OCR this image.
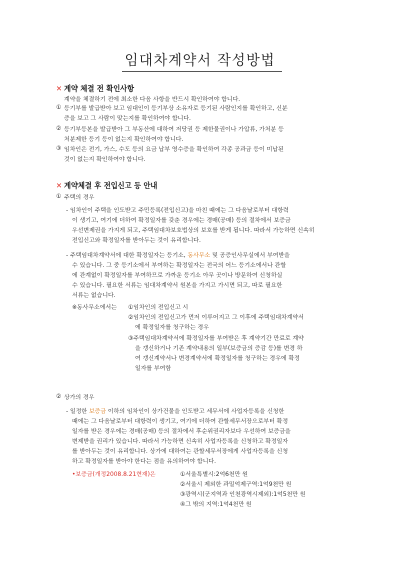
임대차계약서 작성방법
✕ 계약 체결 전 확인사항
계약을 체결하기 전에 최소한 다음 사항을 반드시 확인하여야 합니다.
① 등기부를 발급받아 보고 임대인이 등기부상 소유자로 등기된 사람인지를 확인하고, 신분
증을 보고 그 사람이 맞는지를 확인하여야 합니다.
② 등기부등본을 발급받아 그 부동산에 대하여 저당권 등 제한물권이나 가압류, 가처분 등
처분제한 등기 등이 없는지 확인하여야 합니다.
③ 임차인은 전기, 가스, 수도 등의 요금 납부 영수증을 확인하여 각종 공과금 등이 미납된
것이 없는지 확인하여야 합니다.
✕ 계약체결 후 전입신고 등 안내
① 주택의 경우
- 임차인이 주택을 인도받고 주민등록(전입신고)을 마친 때에는 그 다음날로부터 대항력
이 생기고, 여기에 더하여 확정일자를 갖춘 경우에는 경매(공매) 등의 절차에서 보증금
우선변제권을 가지게 되고, 주택임대차보호법상의 보호를 받게 됩니다. 따라서 가능하면 신속히
전입신고와 확정일자를 받아두는 것이 유리합니다.
- 주택임대차계약서에 대한 확정일자는 등기소, 동사무소 및 공증인사무실에서 부여받을
수 있습니다. 그 중 등기소에서 부여하는 확정일자는 전국의 어느 등기소에서나 관할
에 관계없이 확정일자를 부여하므로 가까운 등기소 아무 곳이나 방문하여 신청하실
수 있습니다. 필요한 서류는 임대차계약서 원본을 가지고 가시면 되고, 따로 필요한
서류는 없습니다.
※동사무소에서는 ①임차인의 전입신고 시
②임차인의 전입신고가 먼저 이루어지고 그 이후에 주택임대차계약서
에 확정일자를 청구하는 경우
③주택임대차계약서에 확정일자를 부여받은 후 계약기간 만료로 계약
을 갱신하거나 기존 계약내용의 일부(보증금의 증감 등)를 변경 하
여 갱신계약서나 변경계약서에 확정일자를 청구하는 경우에 확정
일자를 부여함
② 상가의 경우
- 일정한 보증금 이하의 임차인이 상가건물을 인도받고 세무서에 사업자등록을 신청한
때에는 그 다음날로부터 대항력이 생기고, 여기에 더하여 관할세무서장으로부터 확정
일자를 받은 경우에는 경매(공매) 등의 절차에서 후순위권리자보다 우선하여 보증금을
변제받을 권리가 있습니다. 따라서 가능하면 신속히 사업자등록을 신청하고 확정일자
를 받아두는 것이 유리합니다. 상가에 대하여는 관할세무서장에게 사업자등록을 신청
하고 확정일자를 받아야 한다는 점을 유의하여야 합니다.
•보증금(개정2008.8.21현재)은	①서울특별시:2억6천만 원
②서울시 제외한 과밀억제구역:1억9천만 원
③광역시(군지역과 인천광역시제외):1억5천만 원
④그 밖의 지역:1억4천만 원
